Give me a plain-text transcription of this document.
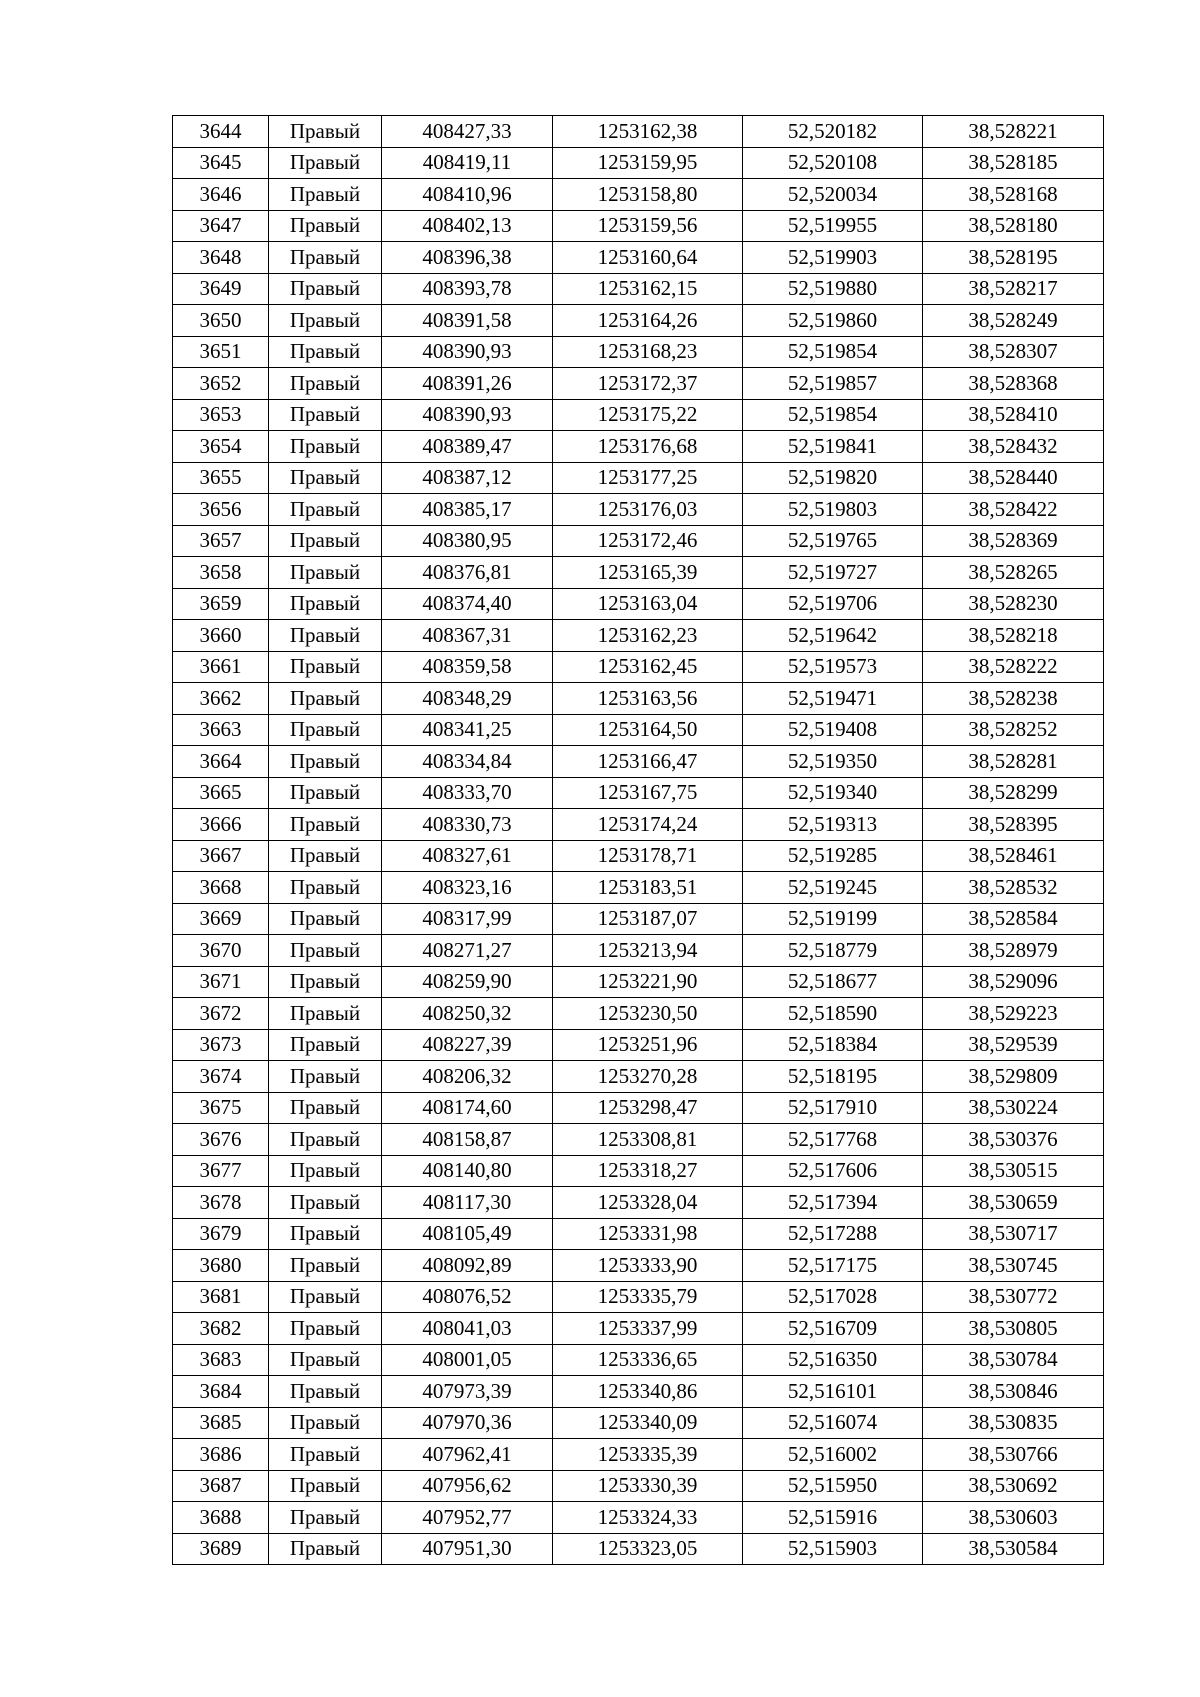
3644	Правый	408427,33	1253162,38	52,520182	38,528221
3645	Правый	408419,11	1253159,95	52,520108	38,528185
3646	Правый	408410,96	1253158,80	52,520034	38,528168
3647	Правый	408402,13	1253159,56	52,519955	38,528180
3648	Правый	408396,38	1253160,64	52,519903	38,528195
3649	Правый	408393,78	1253162,15	52,519880	38,528217
3650	Правый	408391,58	1253164,26	52,519860	38,528249
3651	Правый	408390,93	1253168,23	52,519854	38,528307
3652	Правый	408391,26	1253172,37	52,519857	38,528368
3653	Правый	408390,93	1253175,22	52,519854	38,528410
3654	Правый	408389,47	1253176,68	52,519841	38,528432
3655	Правый	408387,12	1253177,25	52,519820	38,528440
3656	Правый	408385,17	1253176,03	52,519803	38,528422
3657	Правый	408380,95	1253172,46	52,519765	38,528369
3658	Правый	408376,81	1253165,39	52,519727	38,528265
3659	Правый	408374,40	1253163,04	52,519706	38,528230
3660	Правый	408367,31	1253162,23	52,519642	38,528218
3661	Правый	408359,58	1253162,45	52,519573	38,528222
3662	Правый	408348,29	1253163,56	52,519471	38,528238
3663	Правый	408341,25	1253164,50	52,519408	38,528252
3664	Правый	408334,84	1253166,47	52,519350	38,528281
3665	Правый	408333,70	1253167,75	52,519340	38,528299
3666	Правый	408330,73	1253174,24	52,519313	38,528395
3667	Правый	408327,61	1253178,71	52,519285	38,528461
3668	Правый	408323,16	1253183,51	52,519245	38,528532
3669	Правый	408317,99	1253187,07	52,519199	38,528584
3670	Правый	408271,27	1253213,94	52,518779	38,528979
3671	Правый	408259,90	1253221,90	52,518677	38,529096
3672	Правый	408250,32	1253230,50	52,518590	38,529223
3673	Правый	408227,39	1253251,96	52,518384	38,529539
3674	Правый	408206,32	1253270,28	52,518195	38,529809
3675	Правый	408174,60	1253298,47	52,517910	38,530224
3676	Правый	408158,87	1253308,81	52,517768	38,530376
3677	Правый	408140,80	1253318,27	52,517606	38,530515
3678	Правый	408117,30	1253328,04	52,517394	38,530659
3679	Правый	408105,49	1253331,98	52,517288	38,530717
3680	Правый	408092,89	1253333,90	52,517175	38,530745
3681	Правый	408076,52	1253335,79	52,517028	38,530772
3682	Правый	408041,03	1253337,99	52,516709	38,530805
3683	Правый	408001,05	1253336,65	52,516350	38,530784
3684	Правый	407973,39	1253340,86	52,516101	38,530846
3685	Правый	407970,36	1253340,09	52,516074	38,530835
3686	Правый	407962,41	1253335,39	52,516002	38,530766
3687	Правый	407956,62	1253330,39	52,515950	38,530692
3688	Правый	407952,77	1253324,33	52,515916	38,530603
3689	Правый	407951,30	1253323,05	52,515903	38,530584
